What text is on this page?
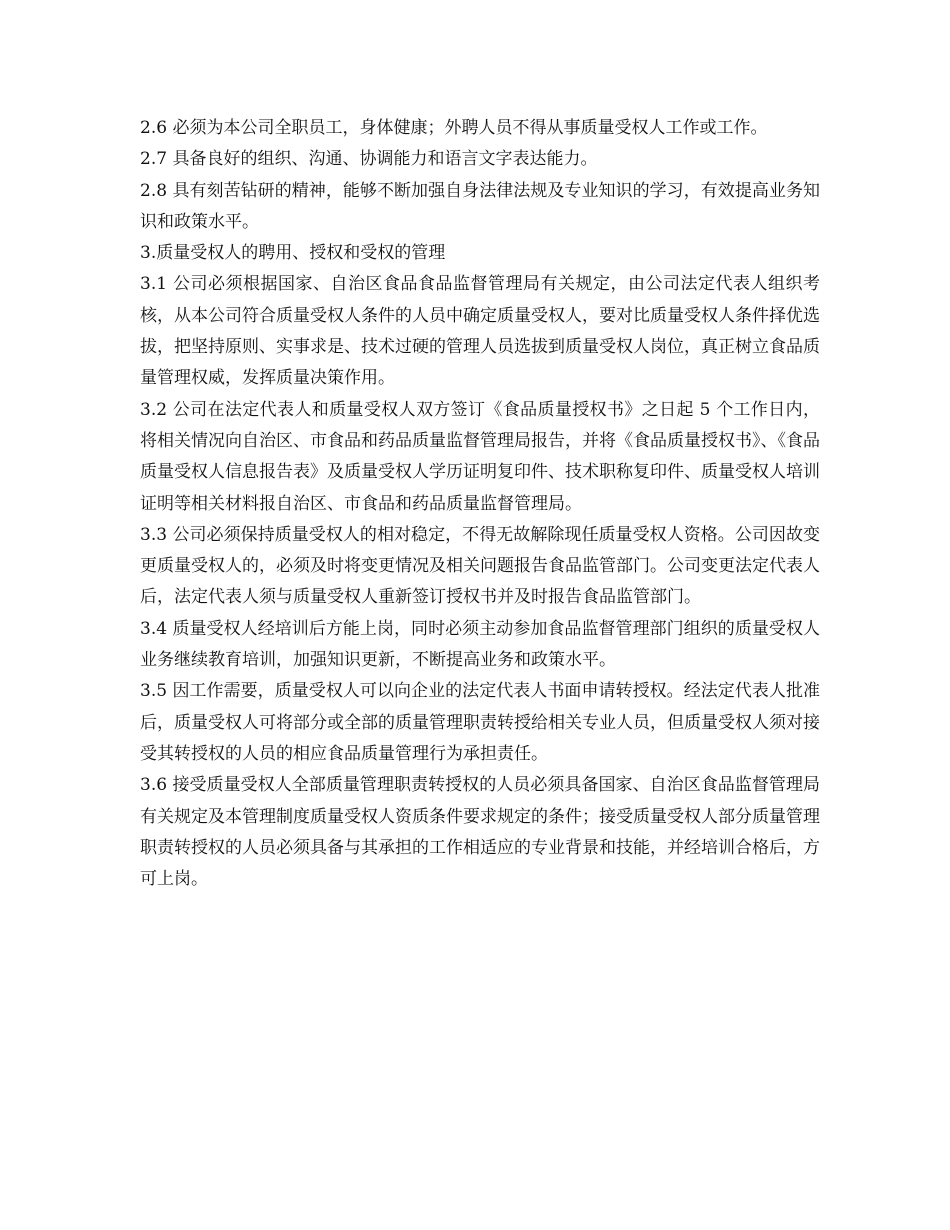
2.6 必须为本公司全职员工，身体健康；外聘人员不得从事质量受权人工作或工作。

2.7 具备良好的组织、沟通、协调能力和语言文字表达能力。

2.8 具有刻苦钻研的精神，能够不断加强自身法律法规及专业知识的学习，有效提高业务知识和政策水平。

3.质量受权人的聘用、授权和受权的管理

3.1 公司必须根据国家、自治区食品食品监督管理局有关规定，由公司法定代表人组织考核，从本公司符合质量受权人条件的人员中确定质量受权人，要对比质量受权人条件择优选拔，把坚持原则、实事求是、技术过硬的管理人员选拔到质量受权人岗位，真正树立食品质量管理权威，发挥质量决策作用。

3.2 公司在法定代表人和质量受权人双方签订《食品质量授权书》之日起 5 个工作日内，将相关情况向自治区、市食品和药品质量监督管理局报告，并将《食品质量授权书》、《食品质量受权人信息报告表》及质量受权人学历证明复印件、技术职称复印件、质量受权人培训证明等相关材料报自治区、市食品和药品质量监督管理局。

3.3 公司必须保持质量受权人的相对稳定，不得无故解除现任质量受权人资格。公司因故变更质量受权人的，必须及时将变更情况及相关问题报告食品监管部门。公司变更法定代表人后，法定代表人须与质量受权人重新签订授权书并及时报告食品监管部门。

3.4 质量受权人经培训后方能上岗，同时必须主动参加食品监督管理部门组织的质量受权人业务继续教育培训，加强知识更新，不断提高业务和政策水平。

3.5 因工作需要，质量受权人可以向企业的法定代表人书面申请转授权。经法定代表人批准后，质量受权人可将部分或全部的质量管理职责转授给相关专业人员，但质量受权人须对接受其转授权的人员的相应食品质量管理行为承担责任。

3.6 接受质量受权人全部质量管理职责转授权的人员必须具备国家、自治区食品监督管理局有关规定及本管理制度质量受权人资质条件要求规定的条件；接受质量受权人部分质量管理职责转授权的人员必须具备与其承担的工作相适应的专业背景和技能，并经培训合格后，方可上岗。
